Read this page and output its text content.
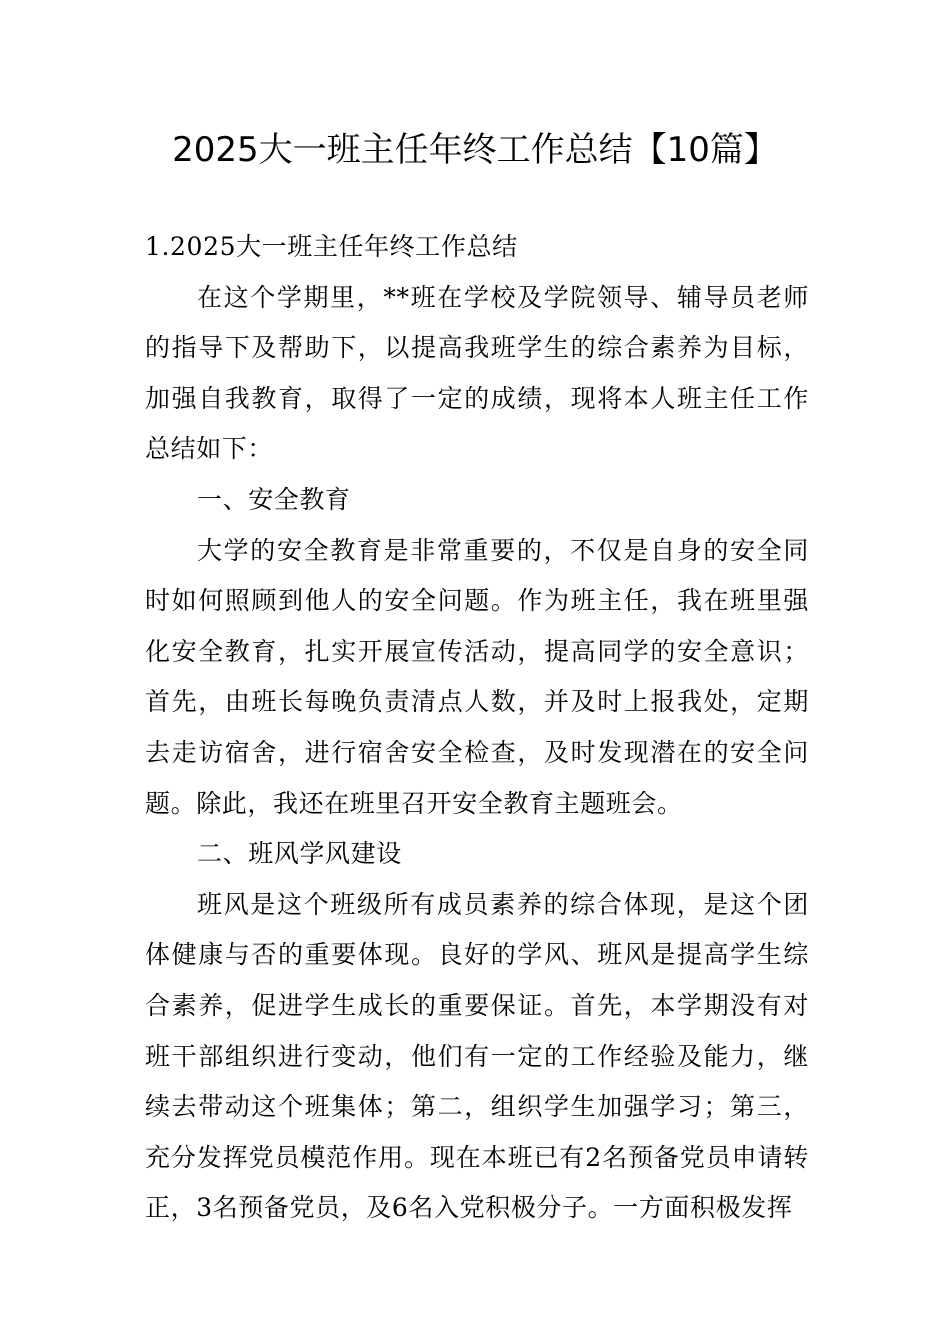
2025大一班主任年终工作总结【10篇】

1.2025大一班主任年终工作总结

在这个学期里，**班在学校及学院领导、辅导员老师的指导下及帮助下，以提高我班学生的综合素养为目标，加强自我教育，取得了一定的成绩，现将本人班主任工作总结如下：

一、安全教育

大学的安全教育是非常重要的，不仅是自身的安全同时如何照顾到他人的安全问题。作为班主任，我在班里强化安全教育，扎实开展宣传活动，提高同学的安全意识；首先，由班长每晚负责清点人数，并及时上报我处，定期去走访宿舍，进行宿舍安全检查，及时发现潜在的安全问题。除此，我还在班里召开安全教育主题班会。

二、班风学风建设

班风是这个班级所有成员素养的综合体现，是这个团体健康与否的重要体现。良好的学风、班风是提高学生综合素养，促进学生成长的重要保证。首先，本学期没有对班干部组织进行变动，他们有一定的工作经验及能力，继续去带动这个班集体；第二，组织学生加强学习；第三，充分发挥党员模范作用。现在本班已有2名预备党员申请转正，3名预备党员，及6名入党积极分子。一方面积极发挥
